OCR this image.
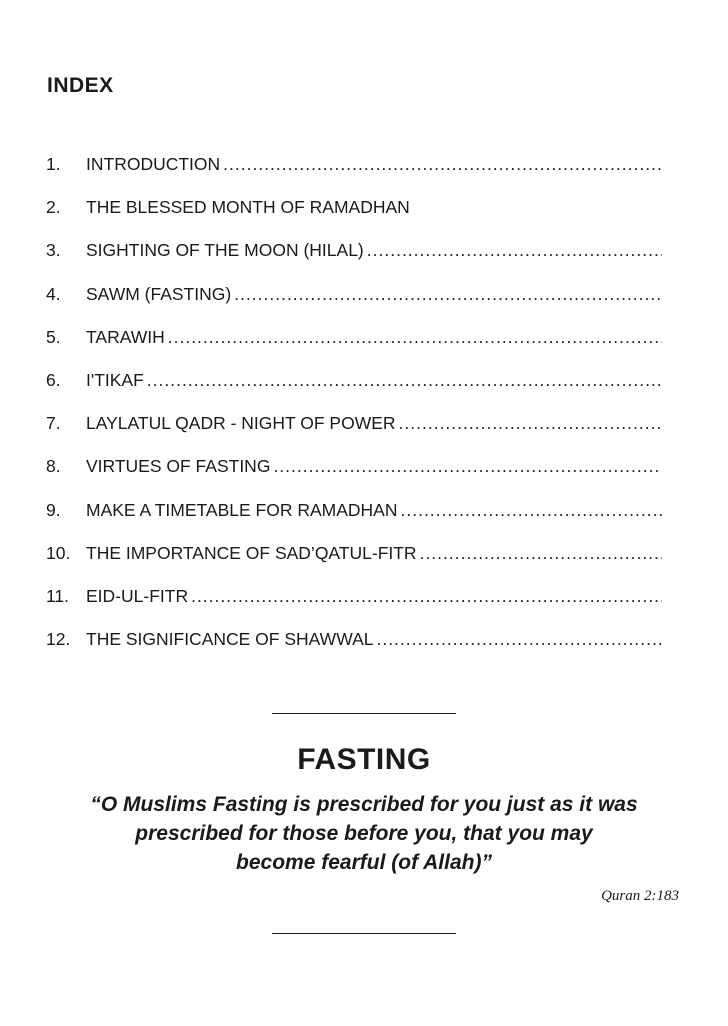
INDEX
1.	INTRODUCTION
.....
2.	THE BLESSED MONTH OF RAMADHAN
3.	SIGHTING OF THE MOON (HILAL)
.....
4.	SAWM (FASTING)
.....
5.	TARAWIH
.....
6.	I'TIKAF
.....
7.	LAYLATUL QADR - NIGHT OF POWER
.....
8.	VIRTUES OF FASTING
.....
9.	MAKE A TIMETABLE FOR RAMADHAN
.....
10. THE IMPORTANCE OF SAD’QATUL-FITR
.....
11. EID-UL-FITR
.....
12. THE SIGNIFICANCE OF SHAWWAL
.....
FASTING
“O Muslims Fasting is prescribed for you just as it was
prescribed for those before you, that you may
become fearful (of Allah)”
Quran 2:183
